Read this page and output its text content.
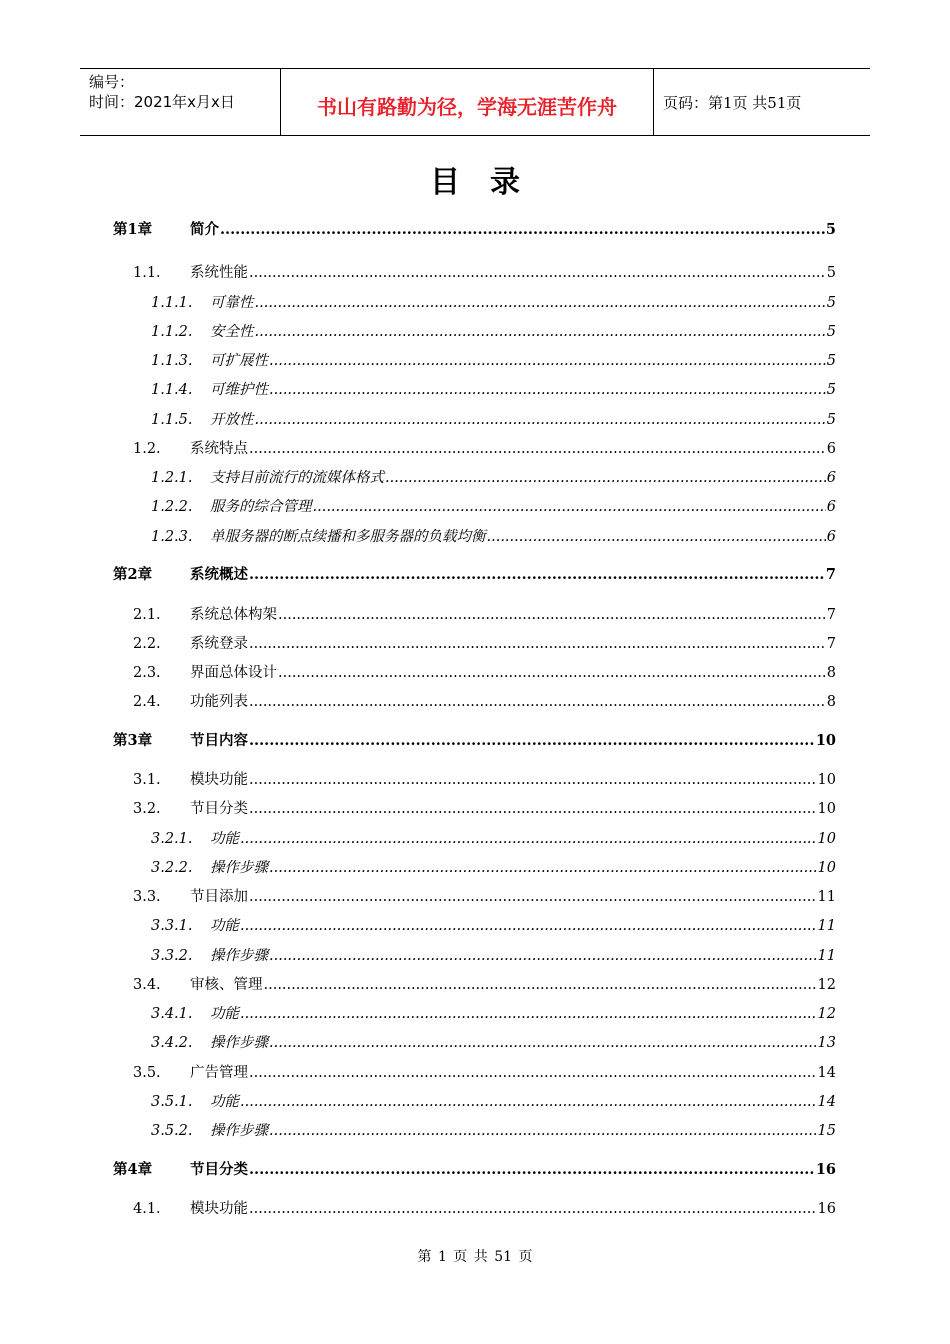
编号：
时间：2021年x月x日	书山有路勤为径，学海无涯苦作舟	页码：第1页 共51页
目录
第1章	简介 .....	5
1.1.	系统性能 .....	5
1.1.1.	可靠性 .....	5
1.1.2.	安全性 .....	5
1.1.3.	可扩展性 .....	5
1.1.4.	可维护性 .....	5
1.1.5.	开放性 .....	5
1.2.	系统特点 .....	6
1.2.1.	支持目前流行的流媒体格式 .....	6
1.2.2.	服务的综合管理 .....	6
1.2.3.	单服务器的断点续播和多服务器的负载均衡 .....	6
第2章	系统概述 .....	7
2.1.	系统总体构架 .....	7
2.2.	系统登录 .....	7
2.3.	界面总体设计 .....	8
2.4.	功能列表 .....	8
第3章	节目内容 .....	10
3.1.	模块功能 .....	10
3.2.	节目分类 .....	10
3.2.1.	功能 .....	10
3.2.2.	操作步骤 .....	10
3.3.	节目添加 .....	11
3.3.1.	功能 .....	11
3.3.2.	操作步骤 .....	11
3.4.	审核、管理 .....	12
3.4.1.	功能 .....	12
3.4.2.	操作步骤 .....	13
3.5.	广告管理 .....	14
3.5.1.	功能 .....	14
3.5.2.	操作步骤 .....	15
第4章	节目分类 .....	16
4.1.	模块功能 .....	16
第 1 页 共 51 页
